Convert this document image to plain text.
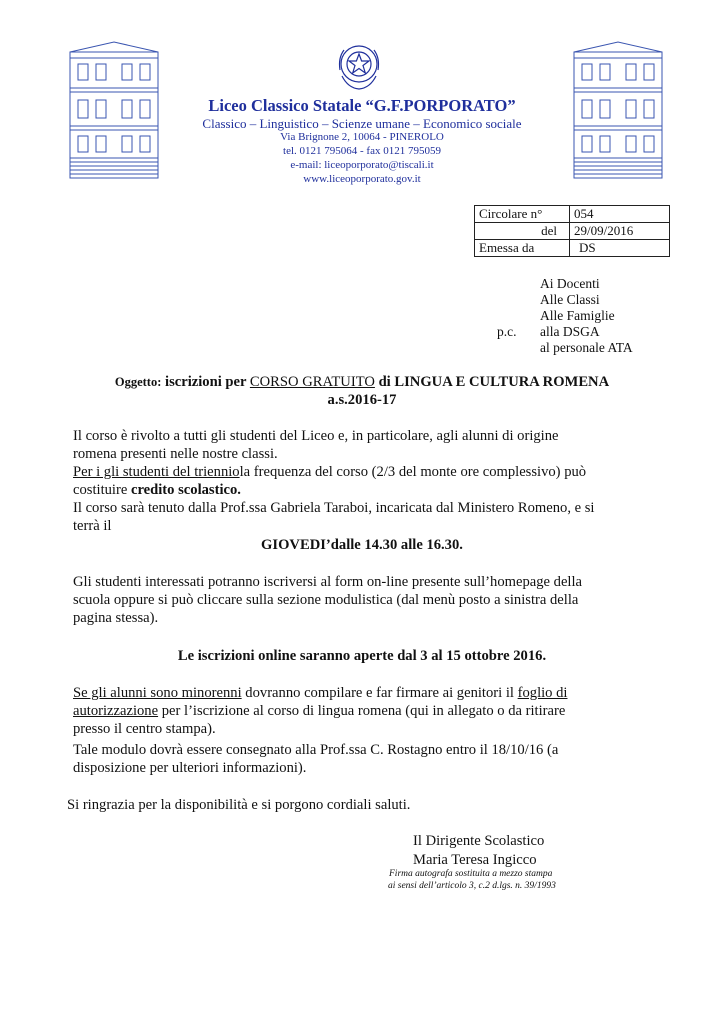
Liceo Classico Statale “G.F.PORPORATO”
Classico – Linguistico – Scienze umane – Economico sociale
Via Brignone 2, 10064 - PINEROLO
tel. 0121 795064 - fax 0121 795059
e-mail: liceoporporato@tiscali.it
www.liceoporporato.gov.it
Circolare n°	054
del	29/09/2016
Emessa da	DS
Ai Docenti
Alle Classi
Alle Famiglie
p.c. alla DSGA
al personale ATA
Oggetto: iscrizioni per CORSO GRATUITO di LINGUA E CULTURA ROMENA
a.s.2016-17
Il corso è rivolto a tutti gli studenti del Liceo e, in particolare, agli alunni di origine
romena presenti nelle nostre classi.
Per i gli studenti del trienniola frequenza del corso (2/3 del monte ore complessivo) può
costituire credito scolastico.
Il corso sarà tenuto dalla Prof.ssa Gabriela Taraboi, incaricata dal Ministero Romeno, e si
terrà il
GIOVEDI’dalle 14.30 alle 16.30.
Gli studenti interessati potranno iscriversi al form on-line presente sull’homepage della
scuola oppure si può cliccare sulla sezione modulistica (dal menù posto a sinistra della
pagina stessa).
Le iscrizioni online saranno aperte dal 3 al 15 ottobre 2016.
Se gli alunni sono minorenni dovranno compilare e far firmare ai genitori il foglio di
autorizzazione per l’iscrizione al corso di lingua romena (qui in allegato o da ritirare
presso il centro stampa).
Tale modulo dovrà essere consegnato alla Prof.ssa C. Rostagno entro il 18/10/16 (a
disposizione per ulteriori informazioni).
Si ringrazia per la disponibilità e si porgono cordiali saluti.
Il Dirigente Scolastico
Maria Teresa Ingicco
Firma autografa sostituita a mezzo stampa
ai sensi dell’articolo 3, c.2 d.lgs. n. 39/1993
